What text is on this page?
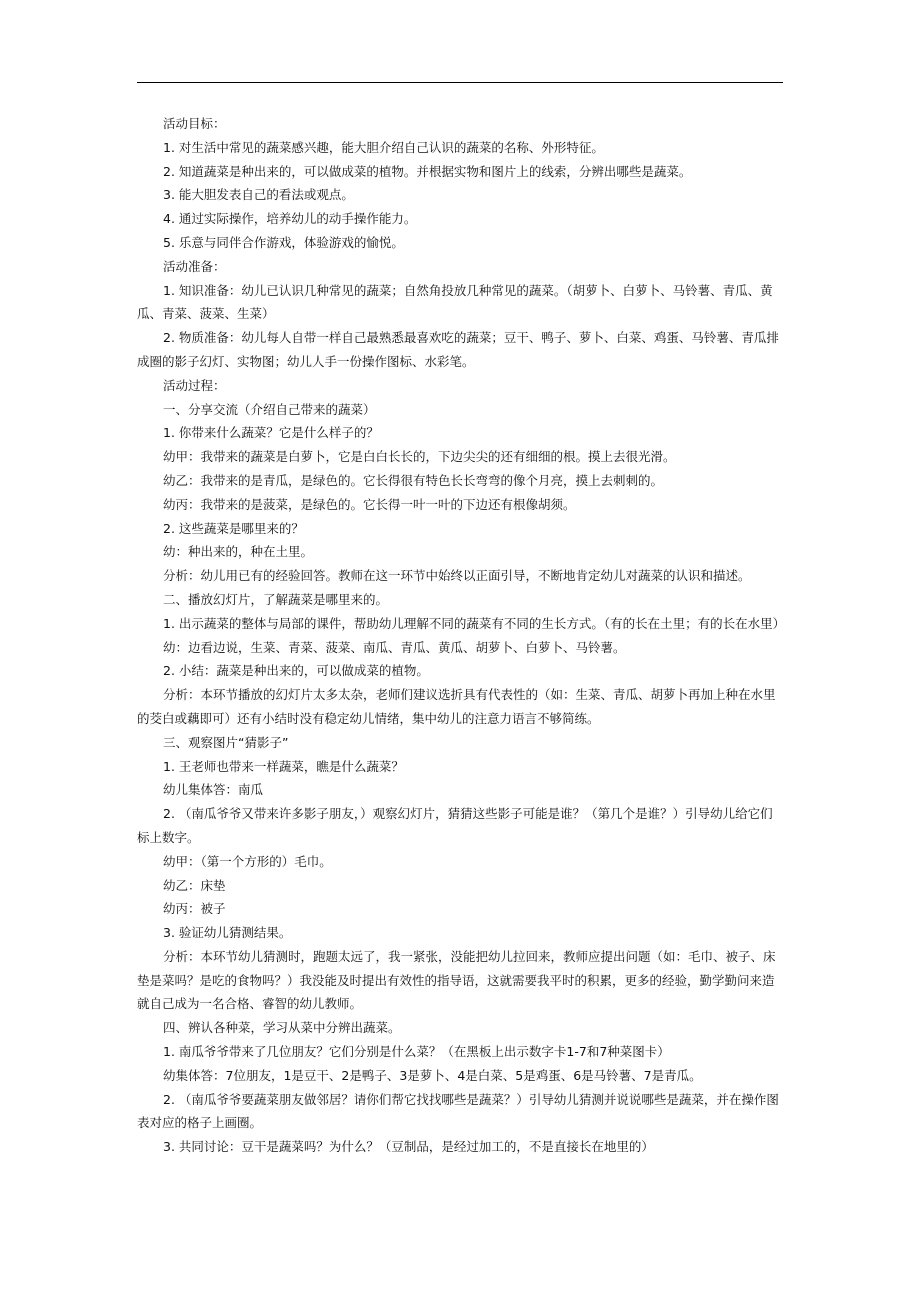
活动目标：

1. 对生活中常见的蔬菜感兴趣，能大胆介绍自己认识的蔬菜的名称、外形特征。

2. 知道蔬菜是种出来的，可以做成菜的植物。并根据实物和图片上的线索，分辨出哪些是蔬菜。

3. 能大胆发表自己的看法或观点。

4. 通过实际操作，培养幼儿的动手操作能力。

5. 乐意与同伴合作游戏，体验游戏的愉悦。

活动准备：

1. 知识准备：幼儿已认识几种常见的蔬菜；自然角投放几种常见的蔬菜。（胡萝卜、白萝卜、马铃薯、青瓜、黄瓜、青菜、菠菜、生菜）

2. 物质准备：幼儿每人自带一样自己最熟悉最喜欢吃的蔬菜；豆干、鸭子、萝卜、白菜、鸡蛋、马铃薯、青瓜排成圈的影子幻灯、实物图；幼儿人手一份操作图标、水彩笔。

活动过程：

一、分享交流（介绍自己带来的蔬菜）

1. 你带来什么蔬菜？它是什么样子的？

幼甲：我带来的蔬菜是白萝卜，它是白白长长的，下边尖尖的还有细细的根。摸上去很光滑。

幼乙：我带来的是青瓜，是绿色的。它长得很有特色长长弯弯的像个月亮，摸上去刺刺的。

幼丙：我带来的是菠菜，是绿色的。它长得一叶一叶的下边还有根像胡须。

2. 这些蔬菜是哪里来的？

幼：种出来的，种在土里。

分析：幼儿用已有的经验回答。教师在这一环节中始终以正面引导，不断地肯定幼儿对蔬菜的认识和描述。

二、播放幻灯片，了解蔬菜是哪里来的。

1. 出示蔬菜的整体与局部的课件，帮助幼儿理解不同的蔬菜有不同的生长方式。（有的长在土里；有的长在水里）

幼：边看边说，生菜、青菜、菠菜、南瓜、青瓜、黄瓜、胡萝卜、白萝卜、马铃薯。

2. 小结：蔬菜是种出来的，可以做成菜的植物。

分析：本环节播放的幻灯片太多太杂，老师们建议选折具有代表性的（如：生菜、青瓜、胡萝卜再加上种在水里的茭白或藕即可）还有小结时没有稳定幼儿情绪，集中幼儿的注意力语言不够简练。

三、观察图片“猜影子”

1. 王老师也带来一样蔬菜，瞧是什么蔬菜？

幼儿集体答：南瓜

2. （南瓜爷爷又带来许多影子朋友，）观察幻灯片，猜猜这些影子可能是谁？（第几个是谁？）引导幼儿给它们标上数字。

幼甲：（第一个方形的）毛巾。

幼乙：床垫

幼丙：被子

3. 验证幼儿猜测结果。

分析：本环节幼儿猜测时，跑题太远了，我一紧张，没能把幼儿拉回来，教师应提出问题（如：毛巾、被子、床垫是菜吗？是吃的食物吗？）我没能及时提出有效性的指导语，这就需要我平时的积累，更多的经验，勤学勤问来造就自己成为一名合格、睿智的幼儿教师。

四、辨认各种菜，学习从菜中分辨出蔬菜。

1. 南瓜爷爷带来了几位朋友？它们分别是什么菜？（在黑板上出示数字卡1-7和7种菜图卡）

幼集体答：7位朋友，1是豆干、2是鸭子、3是萝卜、4是白菜、5是鸡蛋、6是马铃薯、7是青瓜。

2. （南瓜爷爷要蔬菜朋友做邻居？请你们帮它找找哪些是蔬菜？）引导幼儿猜测并说说哪些是蔬菜，并在操作图表对应的格子上画圈。

3. 共同讨论：豆干是蔬菜吗？为什么？（豆制品，是经过加工的，不是直接长在地里的）
